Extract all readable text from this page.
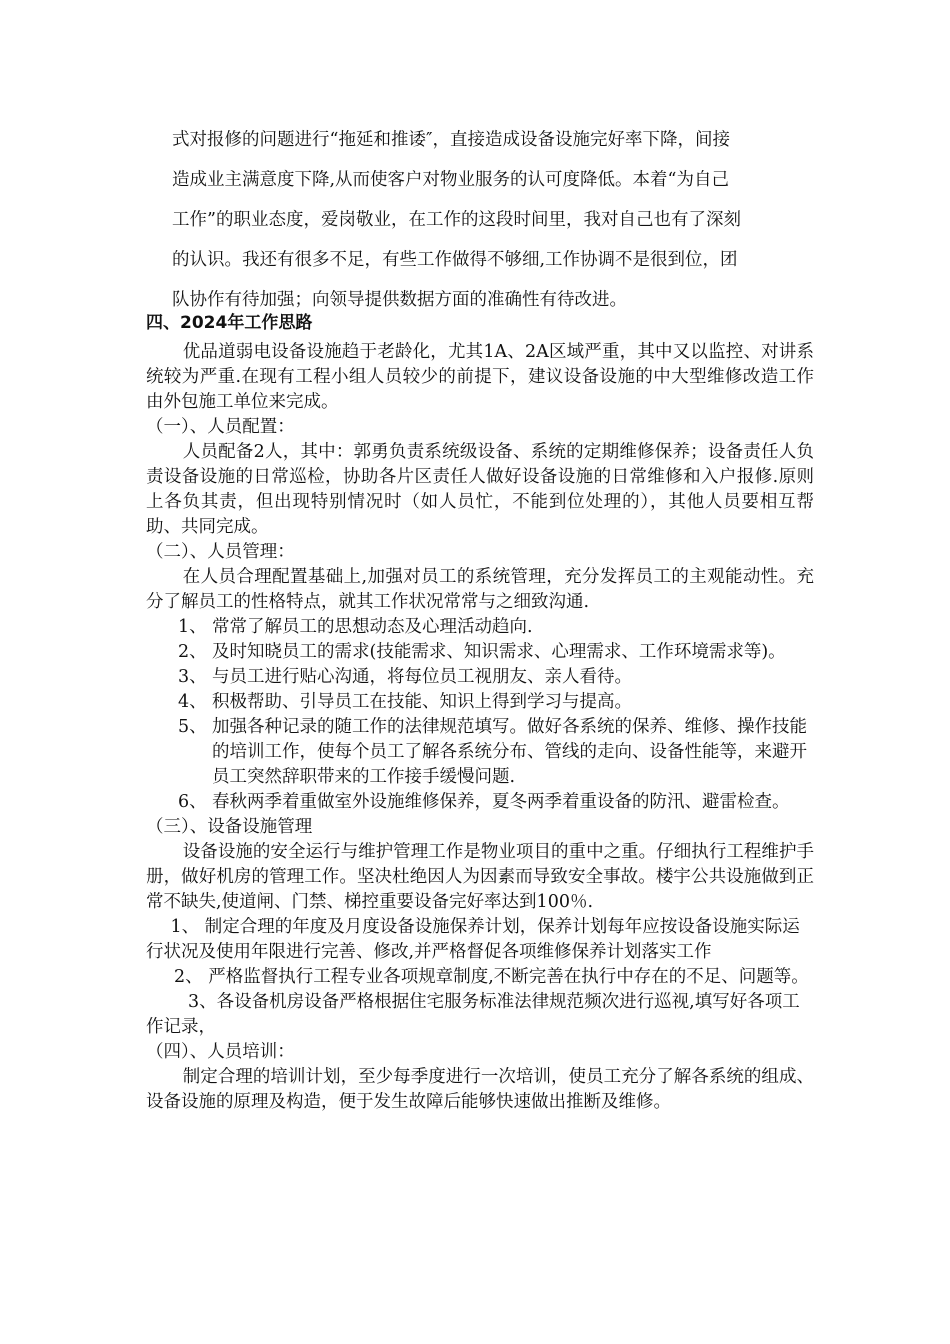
式对报修的问题进行“拖延和推诿″，直接造成设备设施完好率下降，间接

造成业主满意度下降,从而使客户对物业服务的认可度降低。本着“为自己

工作”的职业态度，爱岗敬业，在工作的这段时间里，我对自己也有了深刻

的认识。我还有很多不足，有些工作做得不够细,工作协调不是很到位，团

队协作有待加强；向领导提供数据方面的准确性有待改进。

四、2024年工作思路

优品道弱电设备设施趋于老龄化，尤其1A、2A区域严重，其中又以监控、对讲系统较为严重.在现有工程小组人员较少的前提下，建议设备设施的中大型维修改造工作由外包施工单位来完成。

（一）、人员配置：

人员配备2人，其中：郭勇负责系统级设备、系统的定期维修保养；设备责任人负责设备设施的日常巡检，协助各片区责任人做好设备设施的日常维修和入户报修.原则上各负其责，但出现特别情况时（如人员忙，不能到位处理的），其他人员要相互帮助、共同完成。

（二）、人员管理：

在人员合理配置基础上,加强对员工的系统管理，充分发挥员工的主观能动性。充分了解员工的性格特点，就其工作状况常常与之细致沟通.

1、 常常了解员工的思想动态及心理活动趋向.
2、 及时知晓员工的需求(技能需求、知识需求、心理需求、工作环境需求等)。
3、 与员工进行贴心沟通，将每位员工视朋友、亲人看待。
4、 积极帮助、引导员工在技能、知识上得到学习与提高。
5、 加强各种记录的随工作的法律规范填写。做好各系统的保养、维修、操作技能的培训工作，使每个员工了解各系统分布、管线的走向、设备性能等，来避开员工突然辞职带来的工作接手缓慢问题.
6、 春秋两季着重做室外设施维修保养，夏冬两季着重设备的防汛、避雷检查。

（三）、设备设施管理

设备设施的安全运行与维护管理工作是物业项目的重中之重。仔细执行工程维护手册，做好机房的管理工作。坚决杜绝因人为因素而导致安全事故。楼宇公共设施做到正常不缺失,使道闸、门禁、梯控重要设备完好率达到100％.

1、 制定合理的年度及月度设备设施保养计划，保养计划每年应按设备设施实际运行状况及使用年限进行完善、修改,并严格督促各项维修保养计划落实工作

2、 严格监督执行工程专业各项规章制度,不断完善在执行中存在的不足、问题等。

3、各设备机房设备严格根据住宅服务标准法律规范频次进行巡视,填写好各项工作记录，

（四）、人员培训：

制定合理的培训计划，至少每季度进行一次培训，使员工充分了解各系统的组成、设备设施的原理及构造，便于发生故障后能够快速做出推断及维修。
